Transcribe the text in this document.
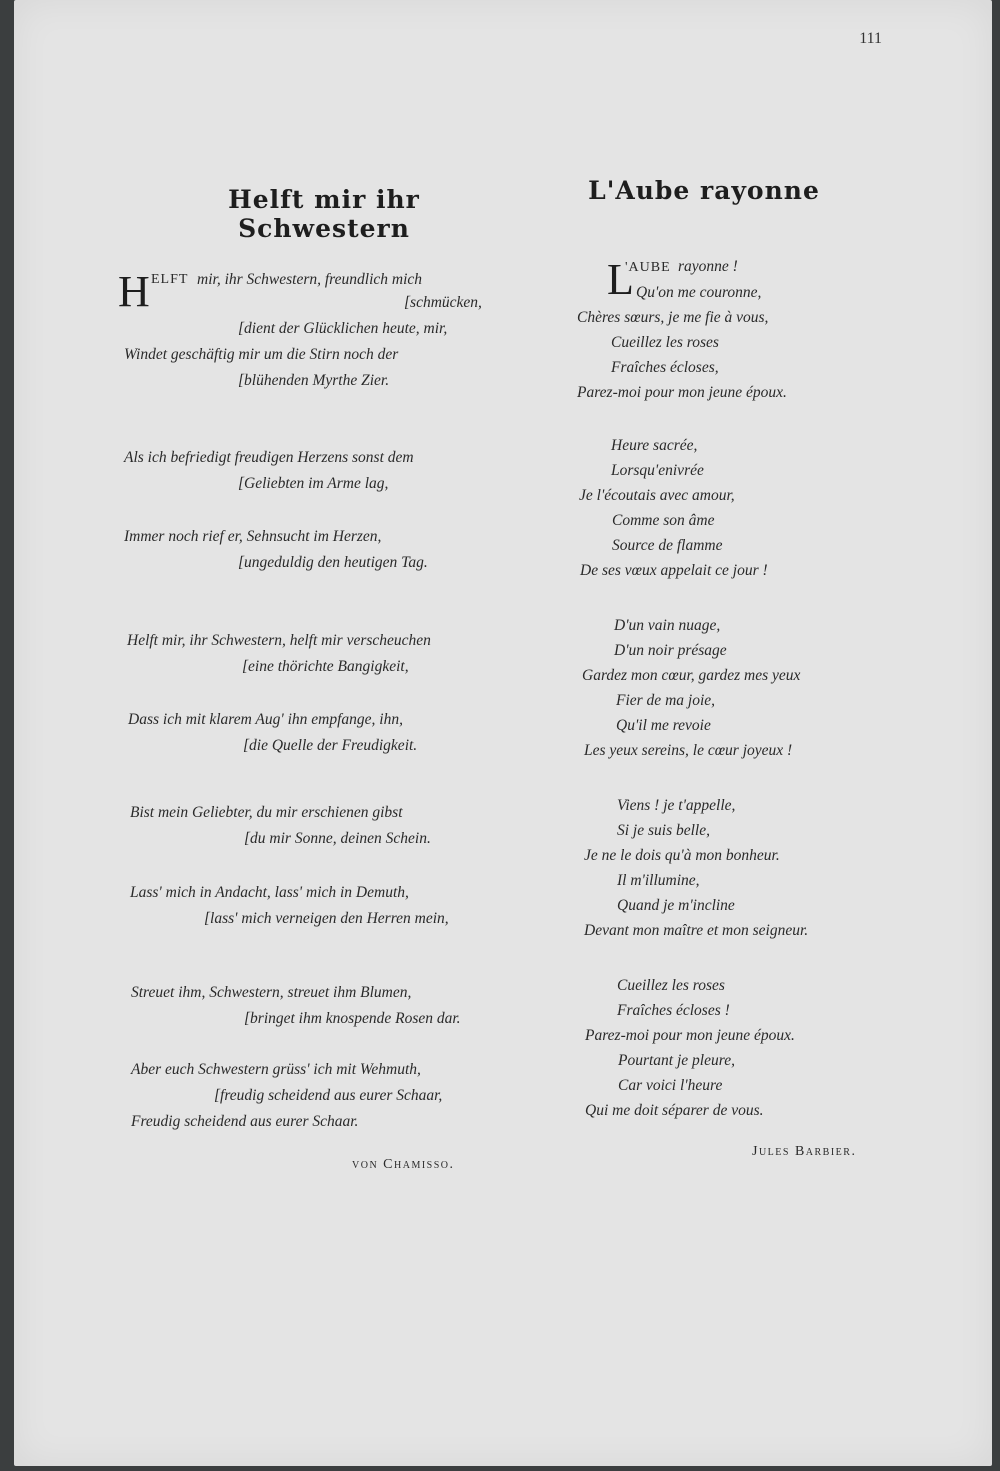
111
Helft mir ihr Schwestern
H ELFT mir, ihr Schwestern, freundlich mich
[schmücken,
[dient der Glücklichen heute, mir,
Windet geschäftig mir um die Stirn noch der
[blühenden Myrthe Zier.
Als ich befriedigt freudigen Herzens sonst dem
[Geliebten im Arme lag,
Immer noch rief er, Sehnsucht im Herzen,
[ungeduldig den heutigen Tag.
Helft mir, ihr Schwestern, helft mir verscheuchen
[eine thörichte Bangigkeit,
Dass ich mit klarem Aug' ihn empfange, ihn,
[die Quelle der Freudigkeit.
Bist mein Geliebter, du mir erschienen gibst
[du mir Sonne, deinen Schein.
Lass' mich in Andacht, lass' mich in Demuth,
[lass' mich verneigen den Herren mein,
Streuet ihm, Schwestern, streuet ihm Blumen,
[bringet ihm knospende Rosen dar.
Aber euch Schwestern grüss' ich mit Wehmuth,
[freudig scheidend aus eurer Schaar,
Freudig scheidend aus eurer Schaar.
von Chamisso.
L'Aube rayonne
L
'AUBE rayonne !
Qu'on me couronne,
Chères sœurs, je me fie à vous,
Cueillez les roses
Fraîches écloses,
Parez-moi pour mon jeune époux.
Heure sacrée,
Lorsqu'enivrée
Je l'écoutais avec amour,
Comme son âme
Source de flamme
De ses vœux appelait ce jour !
D'un vain nuage,
D'un noir présage
Gardez mon cœur, gardez mes yeux
Fier de ma joie,
Qu'il me revoie
Les yeux sereins, le cœur joyeux !
Viens ! je t'appelle,
Si je suis belle,
Je ne le dois qu'à mon bonheur.
Il m'illumine,
Quand je m'incline
Devant mon maître et mon seigneur.
Cueillez les roses
Fraîches écloses !
Parez-moi pour mon jeune époux.
Pourtant je pleure,
Car voici l'heure
Qui me doit séparer de vous.
Jules Barbier.
